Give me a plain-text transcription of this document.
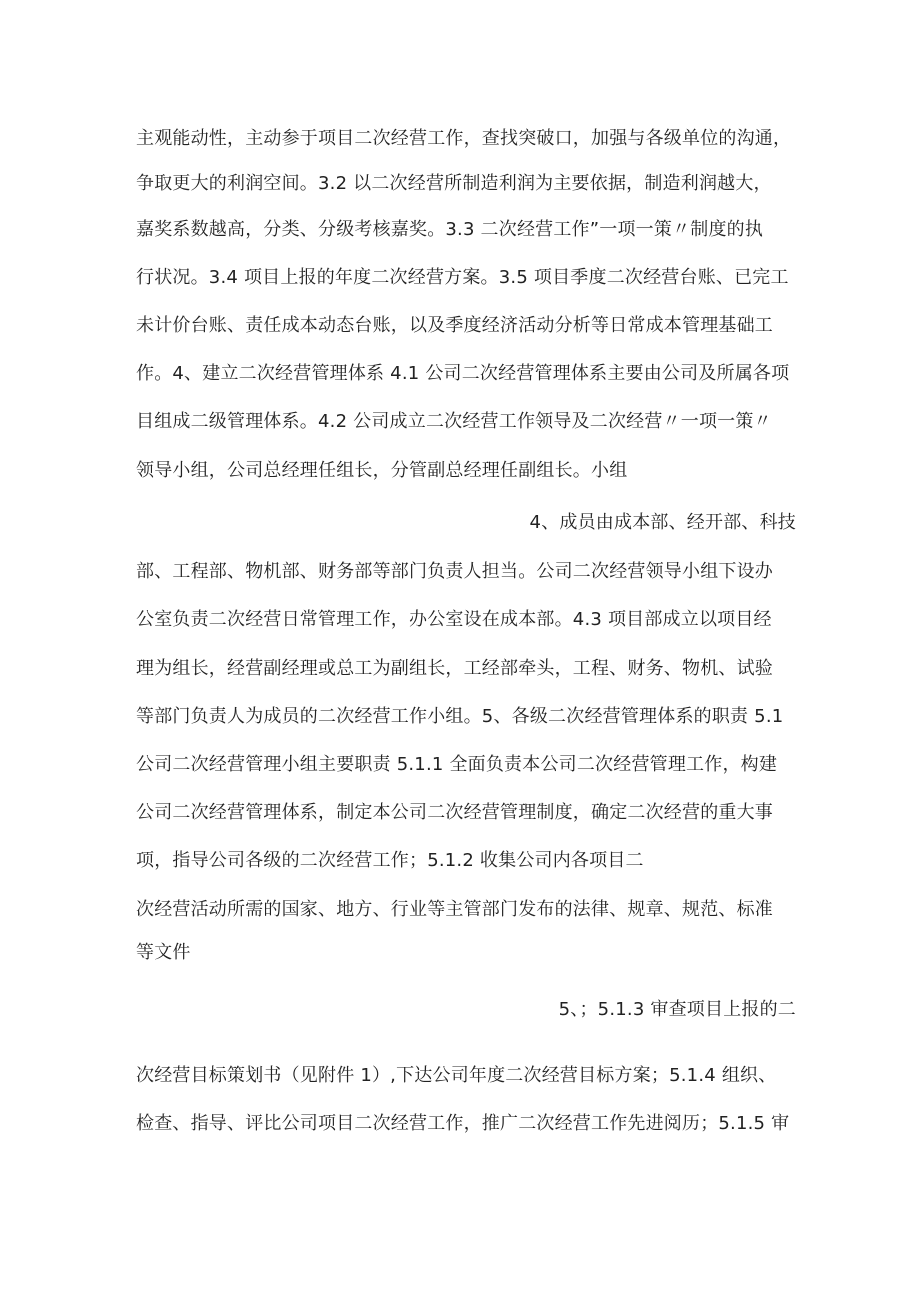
主观能动性，主动参于项目二次经营工作，查找突破口，加强与各级单位的沟通，
争取更大的利润空间。3.2 以二次经营所制造利润为主要依据，制造利润越大，
嘉奖系数越高，分类、分级考核嘉奖。3.3 二次经营工作”一项一策〃制度的执
行状况。3.4 项目上报的年度二次经营方案。3.5 项目季度二次经营台账、已完工
未计价台账、责任成本动态台账，以及季度经济活动分析等日常成本管理基础工
作。4、建立二次经营管理体系 4.1 公司二次经营管理体系主要由公司及所属各项
目组成二级管理体系。4.2 公司成立二次经营工作领导及二次经营〃一项一策〃
领导小组，公司总经理任组长，分管副总经理任副组长。小组
4、成员由成本部、经开部、科技
部、工程部、物机部、财务部等部门负责人担当。公司二次经营领导小组下设办
公室负责二次经营日常管理工作，办公室设在成本部。4.3 项目部成立以项目经
理为组长，经营副经理或总工为副组长，工经部牵头，工程、财务、物机、试验
等部门负责人为成员的二次经营工作小组。5、各级二次经营管理体系的职责 5.1
公司二次经营管理小组主要职责 5.1.1 全面负责本公司二次经营管理工作，构建
公司二次经营管理体系，制定本公司二次经营管理制度，确定二次经营的重大事
项，指导公司各级的二次经营工作；5.1.2 收集公司内各项目二
次经营活动所需的国家、地方、行业等主管部门发布的法律、规章、规范、标准
等文件
5、；5.1.3 审查项目上报的二
次经营目标策划书（见附件 1）,下达公司年度二次经营目标方案；5.1.4 组织、
检查、指导、评比公司项目二次经营工作，推广二次经营工作先进阅历；5.1.5 审
